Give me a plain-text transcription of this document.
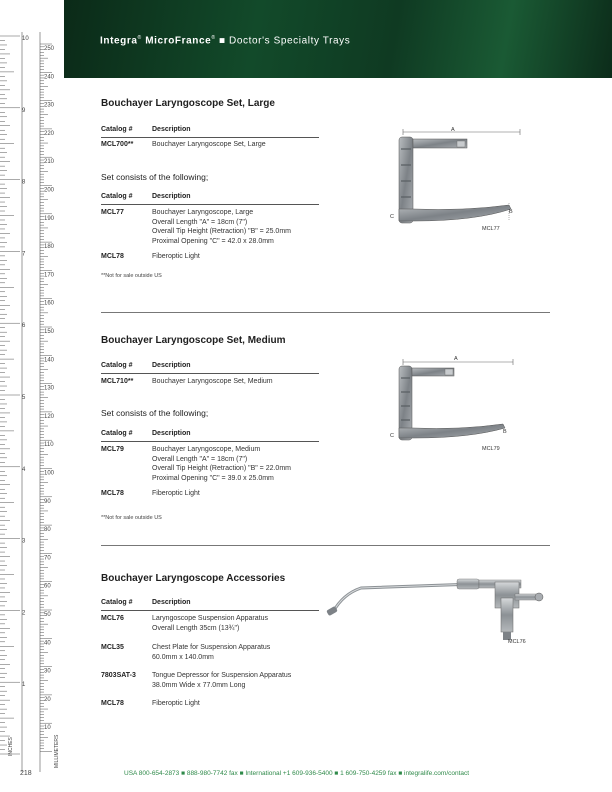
10
9
8
7
6
5
4
3
2
1
250
240
230
220
210
200
190
180
170
160
150
140
130
120
110
100
90
80
70
60
50
40
30
20
10
INCHES	MILLIMETERS
Integra® MicroFrance® ■ Doctor's Specialty Trays
Bouchayer Laryngoscope Set, Large
Catalog #	Description
MCL700**	Bouchayer Laryngoscope Set, Large
Set consists of the following;
Catalog #	Description
MCL77	Bouchayer Laryngoscope, Large
Overall Length "A" = 18cm (7")
Overall Tip Height (Retraction) "B" = 25.0mm
Proximal Opening "C" = 42.0 x 28.0mm
MCL78	Fiberoptic Light
**Not for sale outside US
A
B
C
MCL77
Bouchayer Laryngoscope Set, Medium
Catalog #	Description
MCL710**	Bouchayer Laryngoscope Set, Medium
Set consists of the following;
Catalog #	Description
MCL79	Bouchayer Laryngoscope, Medium
Overall Length "A" = 18cm (7")
Overall Tip Height (Retraction) "B" = 22.0mm
Proximal Opening "C" = 39.0 x 25.0mm
MCL78	Fiberoptic Light
**Not for sale outside US
A
B
C
MCL79
Bouchayer Laryngoscope Accessories
Catalog #	Description
MCL76	Laryngoscope Suspension Apparatus
Overall Length 35cm (13¾")
MCL35	Chest Plate for Suspension Apparatus
60.0mm x 140.0mm
7803SAT-3 Tongue Depressor for Suspension Apparatus
38.0mm Wide x 77.0mm Long
MCL78	Fiberoptic Light
MCL76
218	USA 800-654-2873 ■ 888-980-7742 fax ■ International +1 609-936-5400 ■ 1 609-750-4259 fax ■ integralife.com/contact
